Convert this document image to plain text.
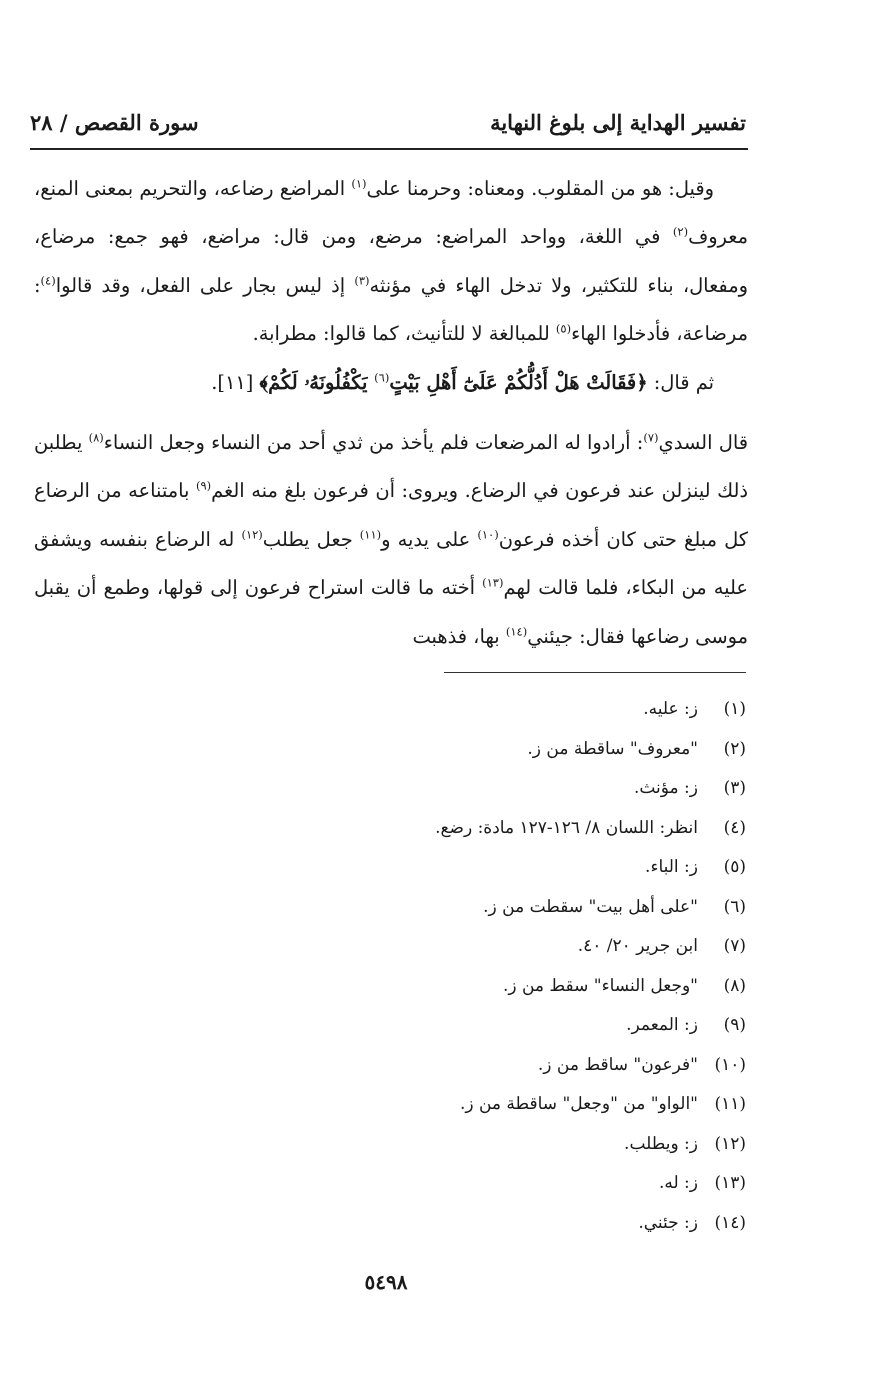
تفسير الهداية إلى بلوغ النهاية
سورة القصص / ٢٨

وقيل: هو من المقلوب. ومعناه: وحرمنا على$^{(١)}$ المراضع رضاعه، والتحريم بمعنى المنع، معروف$^{(٢)}$ في اللغة، وواحد المراضع: مرضع، ومن قال: مراضع، فهو جمع: مرضاع، ومفعال، بناء للتكثير، ولا تدخل الهاء في مؤنثه$^{(٣)}$ إذ ليس بجار على الفعل، وقد قالوا$^{(٤)}$: مرضاعة، فأدخلوا الهاء$^{(٥)}$ للمبالغة لا للتأنيث، كما قالوا: مطرابة.

ثم قال: ﴿فَقَالَتْ هَلْ أَدُلُّكُمْ عَلَىٰٓ أَهْلِ بَيْتٍ$^{(٦)}$ يَكْفُلُونَهُۥ لَكُمْ﴾ [١١].

قال السدي$^{(٧)}$: أرادوا له المرضعات فلم يأخذ من ثدي أحد من النساء وجعل النساء$^{(٨)}$ يطلبن ذلك لينزلن عند فرعون في الرضاع. ويروى: أن فرعون بلغ منه الغم$^{(٩)}$ بامتناعه من الرضاع كل مبلغ حتى كان أخذه فرعون$^{(١٠)}$ على يديه و$^{(١١)}$ جعل يطلب$^{(١٢)}$ له الرضاع بنفسه ويشفق عليه من البكاء، فلما قالت لهم$^{(١٣)}$ أخته ما قالت استراح فرعون إلى قولها، وطمع أن يقبل موسى رضاعها فقال: جيئني$^{(١٤)}$ بها، فذهبت

(١)
ز: عليه.
(٢)
"معروف" ساقطة من ز.
(٣)
ز: مؤنث.
(٤)
انظر: اللسان ٨/ ١٢٦-١٢٧ مادة: رضع.
(٥)
ز: الباء.
(٦)
"على أهل بيت" سقطت من ز.
(٧)
ابن جرير ٢٠/ ٤٠.
(٨)
"وجعل النساء" سقط من ز.
(٩)
ز: المعمر.
(١٠)
"فرعون" ساقط من ز.
(١١)
"الواو" من "وجعل" ساقطة من ز.
(١٢)
ز: ويطلب.
(١٣)
ز: له.
(١٤)
ز: جئني.
٥٤٩٨
